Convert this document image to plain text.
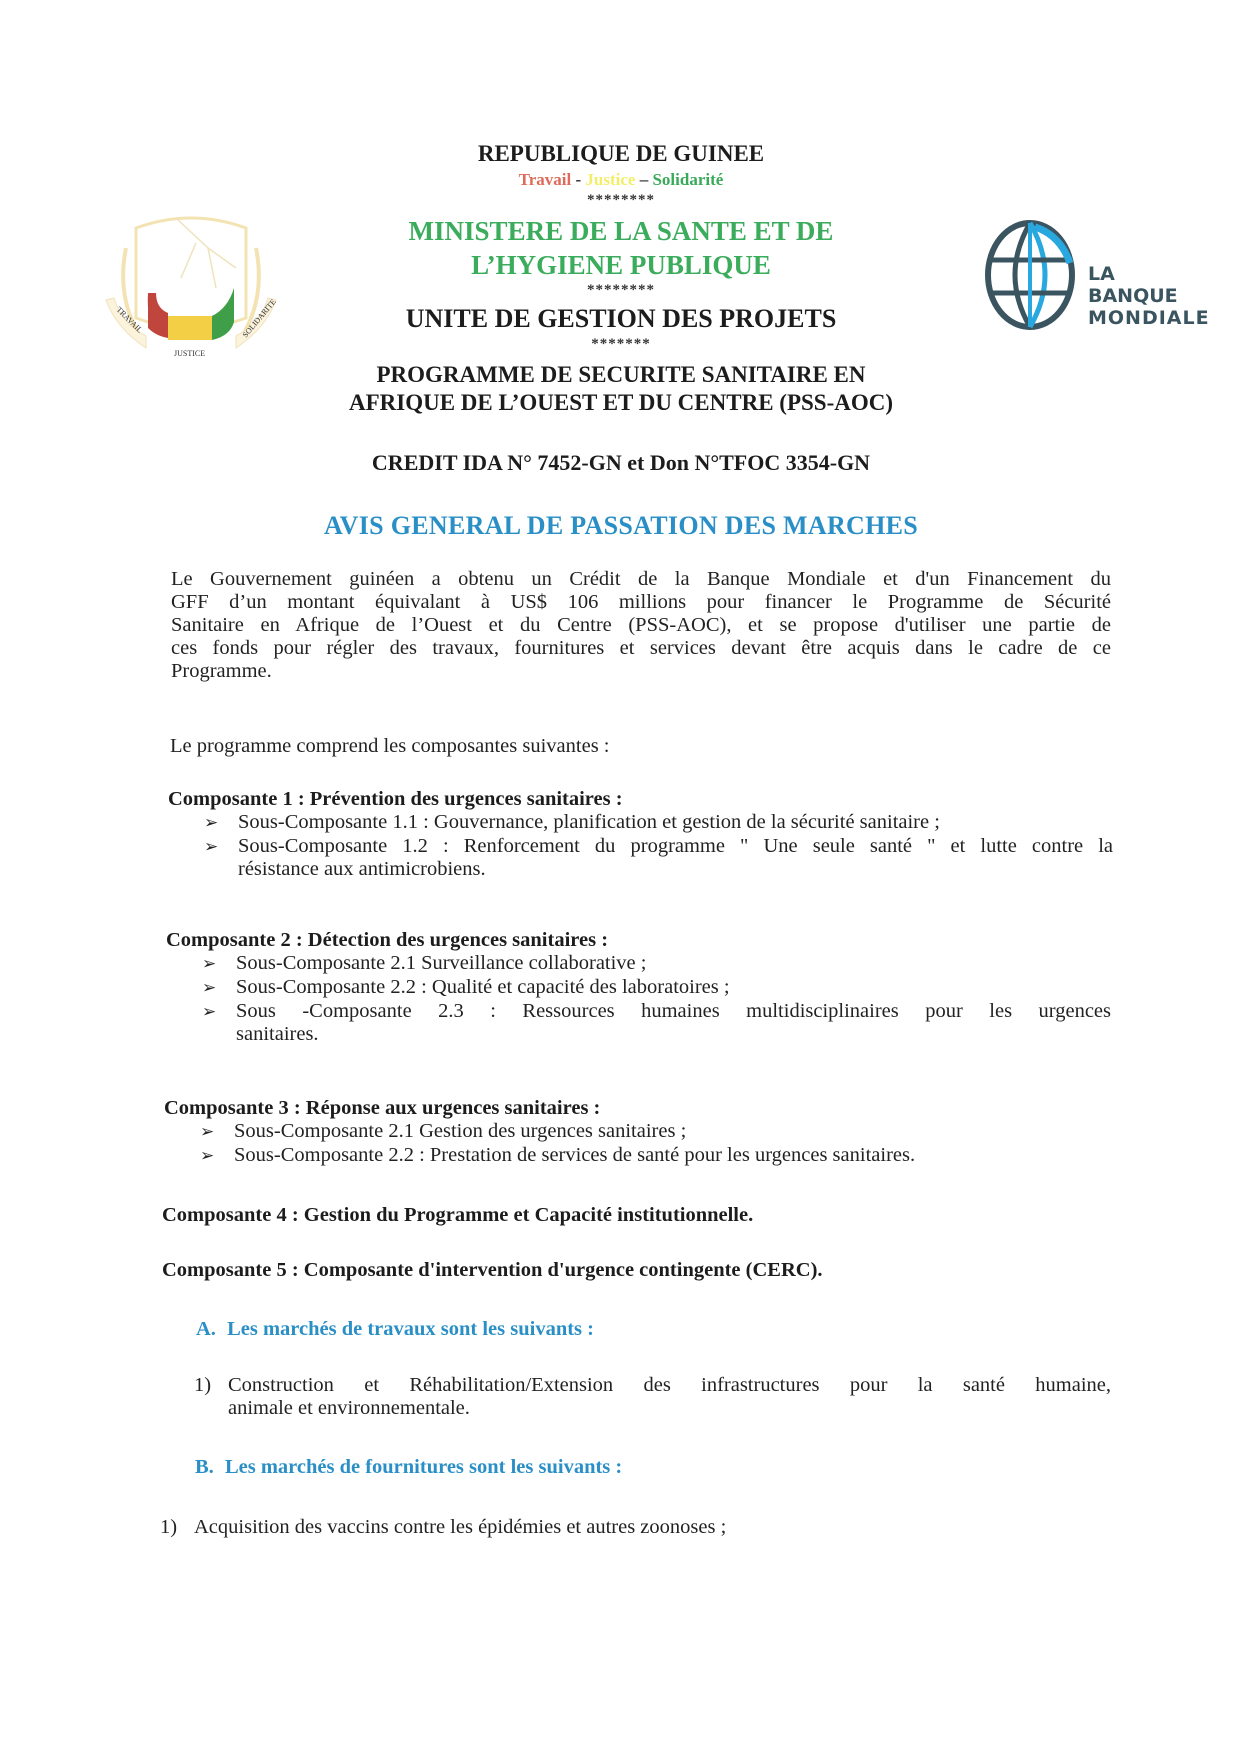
TRAVAIL	SOLIDARITE
JUSTICE
LA BANQUE
MONDIALE
REPUBLIQUE DE GUINEE
Travail - Justice – Solidarité
********
MINISTERE DE LA SANTE ET DE
L’HYGIENE PUBLIQUE
********
UNITE DE GESTION DES PROJETS
*******
PROGRAMME DE SECURITE SANITAIRE EN
AFRIQUE DE L’OUEST ET DU CENTRE (PSS-AOC)
CREDIT IDA N° 7452-GN et Don N°TFOC 3354-GN
AVIS GENERAL DE PASSATION DES MARCHES
Le Gouvernement guinéen a obtenu un Crédit de la Banque Mondiale et d'un Financement du
GFF d’un montant équivalant à US$ 106 millions pour financer le Programme de Sécurité
Sanitaire en Afrique de l’Ouest et du Centre (PSS-AOC), et se propose d'utiliser une partie de
ces fonds pour régler des travaux, fournitures et services devant être acquis dans le cadre de ce
Programme.
Le programme comprend les composantes suivantes :
Composante 1 : Prévention des urgences sanitaires :
➢ Sous-Composante 1.1 : Gouvernance, planification et gestion de la sécurité sanitaire ;
➢ Sous-Composante 1.2 : Renforcement du programme " Une seule santé " et lutte contre la
résistance aux antimicrobiens.
Composante 2 : Détection des urgences sanitaires :
➢ Sous-Composante 2.1 Surveillance collaborative ;
➢ Sous-Composante 2.2 : Qualité et capacité des laboratoires ;
➢ Sous -Composante 2.3 : Ressources humaines multidisciplinaires pour les urgences
sanitaires.
Composante 3 : Réponse aux urgences sanitaires :
➢ Sous-Composante 2.1 Gestion des urgences sanitaires ;
➢ Sous-Composante 2.2 : Prestation de services de santé pour les urgences sanitaires.
Composante 4 : Gestion du Programme et Capacité institutionnelle.
Composante 5 : Composante d'intervention d'urgence contingente (CERC).
A. Les marchés de travaux sont les suivants :
1) Construction et Réhabilitation/Extension des infrastructures pour la santé humaine,
animale et environnementale.
B. Les marchés de fournitures sont les suivants :
1) Acquisition des vaccins contre les épidémies et autres zoonoses ;
